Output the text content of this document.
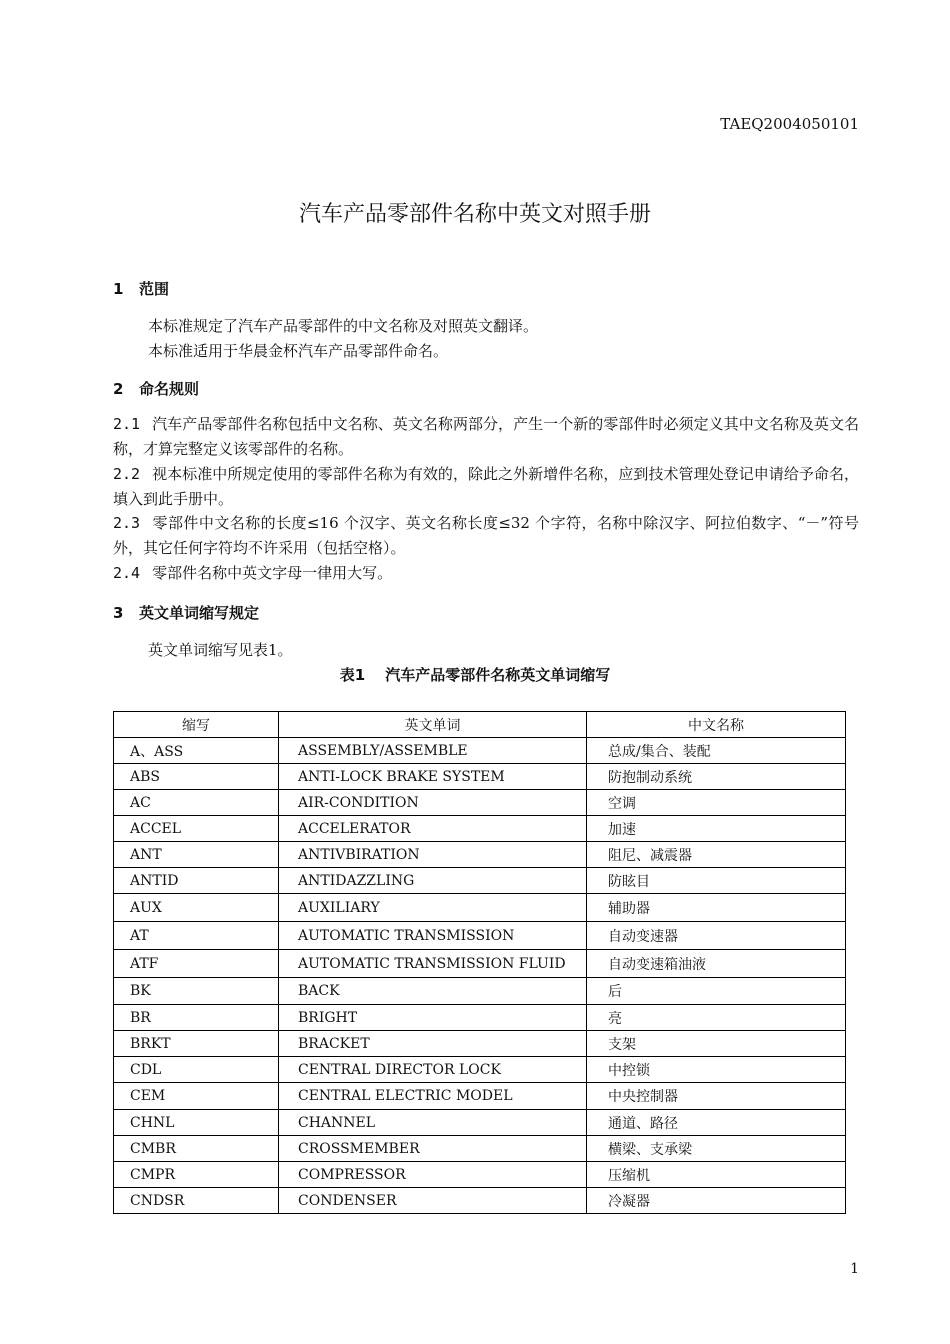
TAEQ2004050101
汽车产品零部件名称中英文对照手册
1 范围
本标准规定了汽车产品零部件的中文名称及对照英文翻译。
本标准适用于华晨金杯汽车产品零部件命名。
2 命名规则
2.1 汽车产品零部件名称包括中文名称、英文名称两部分，产生一个新的零部件时必须定义其中文名称及英文名称，才算完整定义该零部件的名称。
2.2 视本标准中所规定使用的零部件名称为有效的，除此之外新增件名称，应到技术管理处登记申请给予命名，填入到此手册中。
2.3 零部件中文名称的长度≤16 个汉字、英文名称长度≤32 个字符，名称中除汉字、阿拉伯数字、“－”符号外，其它任何字符均不许采用（包括空格）。
2.4 零部件名称中英文字母一律用大写。
3 英文单词缩写规定
英文单词缩写见表1。
表1 汽车产品零部件名称英文单词缩写
缩写	英文单词	中文名称
A、ASS	ASSEMBLY/ASSEMBLE	总成/集合、装配
ABS	ANTI-LOCK BRAKE SYSTEM	防抱制动系统
AC	AIR-CONDITION	空调
ACCEL	ACCELERATOR	加速
ANT	ANTIVBIRATION	阻尼、减震器
ANTID	ANTIDAZZLING	防眩目
AUX	AUXILIARY	辅助器
AT	AUTOMATIC TRANSMISSION	自动变速器
ATF	AUTOMATIC TRANSMISSION FLUID	自动变速箱油液
BK	BACK	后
BR	BRIGHT	亮
BRKT	BRACKET	支架
CDL	CENTRAL DIRECTOR LOCK	中控锁
CEM	CENTRAL ELECTRIC MODEL	中央控制器
CHNL	CHANNEL	通道、路径
CMBR	CROSSMEMBER	横梁、支承梁
CMPR	COMPRESSOR	压缩机
CNDSR	CONDENSER	冷凝器
1
